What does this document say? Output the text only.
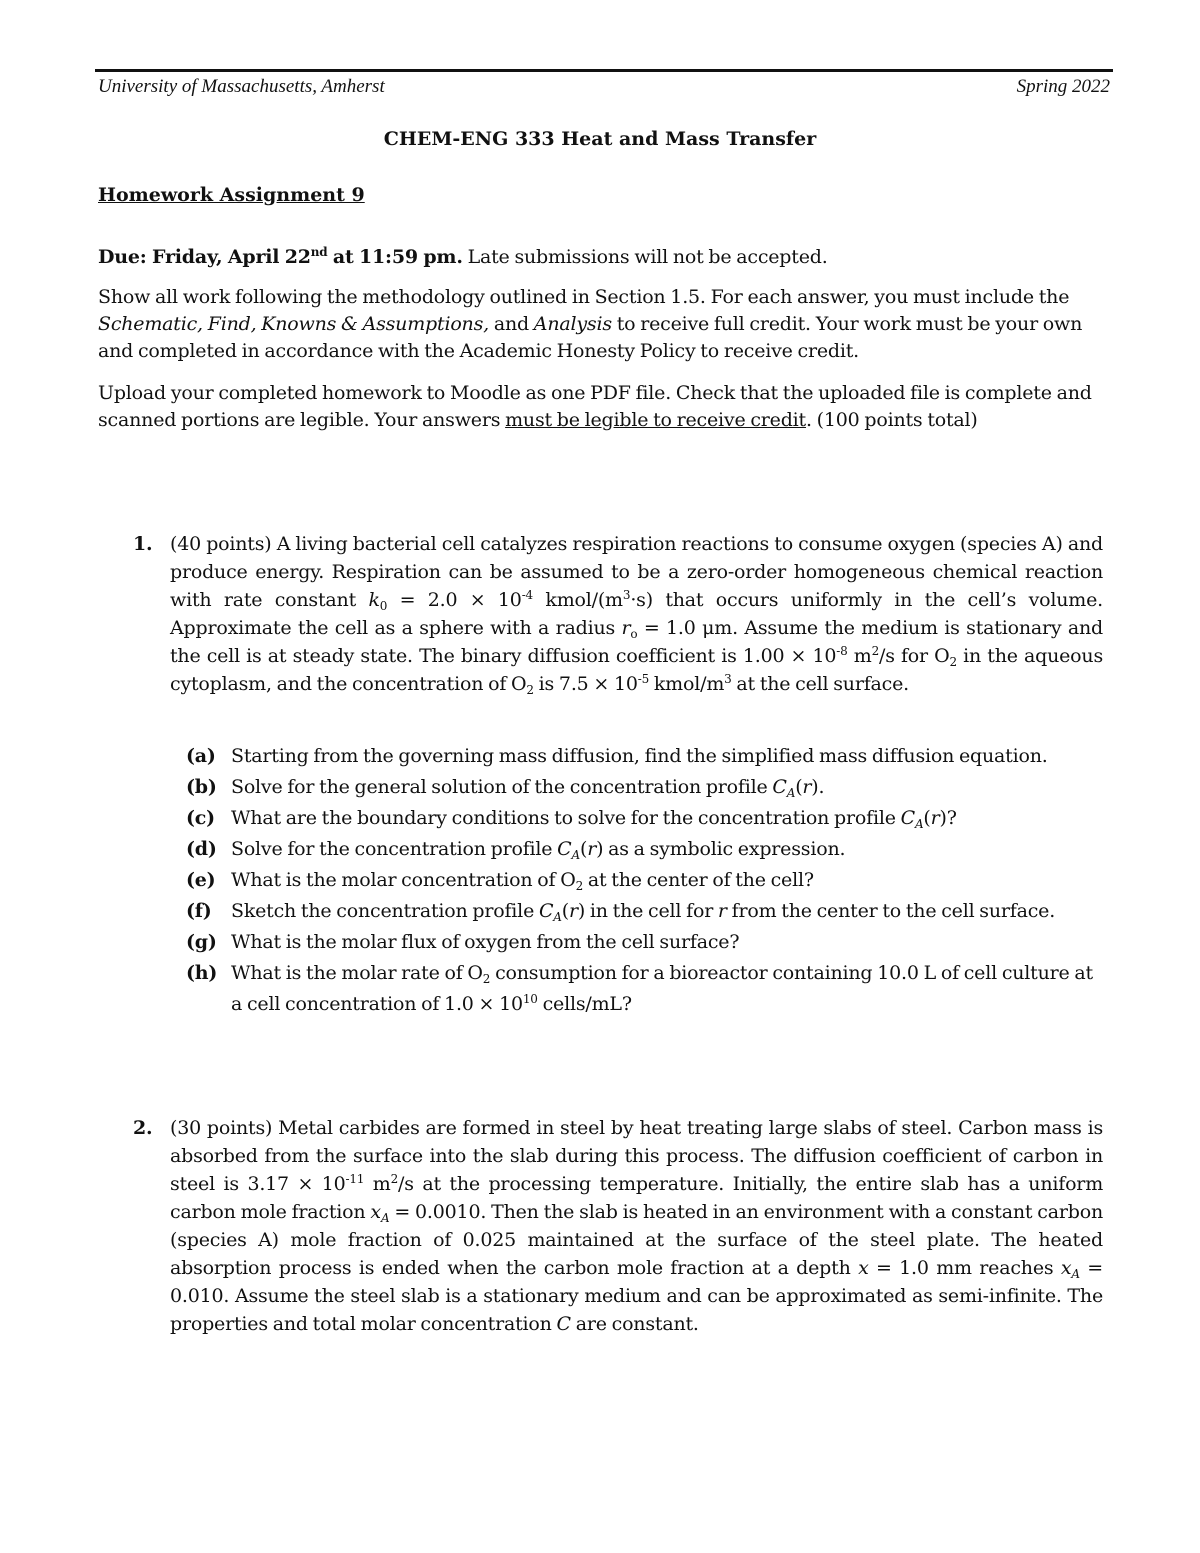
University of Massachusetts, Amherst	Spring 2022
CHEM-ENG 333 Heat and Mass Transfer
Homework Assignment 9
Due: Friday, April 22nd at 11:59 pm. Late submissions will not be accepted.
Show all work following the methodology outlined in Section 1.5. For each answer, you must include the Schematic, Find, Knowns & Assumptions, and Analysis to receive full credit. Your work must be your own and completed in accordance with the Academic Honesty Policy to receive credit.
Upload your completed homework to Moodle as one PDF file. Check that the uploaded file is complete and scanned portions are legible. Your answers must be legible to receive credit. (100 points total)
1. (40 points) A living bacterial cell catalyzes respiration reactions to consume oxygen (species A) and produce energy. Respiration can be assumed to be a zero-order homogeneous chemical reaction with rate constant $k_0 = 2.0 \times 10^{-4}$ kmol/$(m^3\cdot s)$ that occurs uniformly in the cell’s volume. Approximate the cell as a sphere with a radius $r_o = 1.0$ μm. Assume the medium is stationary and the cell is at steady state. The binary diffusion coefficient is $1.00 \times 10^{-8}$ $m^2/s$ for $O_2$ in the aqueous cytoplasm, and the concentration of $O_2$ is $7.5 \times 10^{-5}$ kmol/$m^3$ at the cell surface.
(a) Starting from the governing mass diffusion, find the simplified mass diffusion equation.
(b) Solve for the general solution of the concentration profile $C_A(r)$.
(c) What are the boundary conditions to solve for the concentration profile $C_A(r)$?
(d) Solve for the concentration profile $C_A(r)$ as a symbolic expression.
(e) What is the molar concentration of $O_2$ at the center of the cell?
(f) Sketch the concentration profile $C_A(r)$ in the cell for r from the center to the cell surface.
(g) What is the molar flux of oxygen from the cell surface?
(h) What is the molar rate of $O_2$ consumption for a bioreactor containing 10.0 L of cell culture at a cell concentration of $1.0 \times 10^{10}$ cells/mL?
2. (30 points) Metal carbides are formed in steel by heat treating large slabs of steel. Carbon mass is absorbed from the surface into the slab during this process. The diffusion coefficient of carbon in steel is $3.17 \times 10^{-11}$ $m^2/s$ at the processing temperature. Initially, the entire slab has a uniform carbon mole fraction $x_A = 0.0010$. Then the slab is heated in an environment with a constant carbon (species A) mole fraction of 0.025 maintained at the surface of the steel plate. The heated absorption process is ended when the carbon mole fraction at a depth x = 1.0 mm reaches $x_A = 0.010$. Assume the steel slab is a stationary medium and can be approximated as semi-infinite. The properties and total molar concentration C are constant.
